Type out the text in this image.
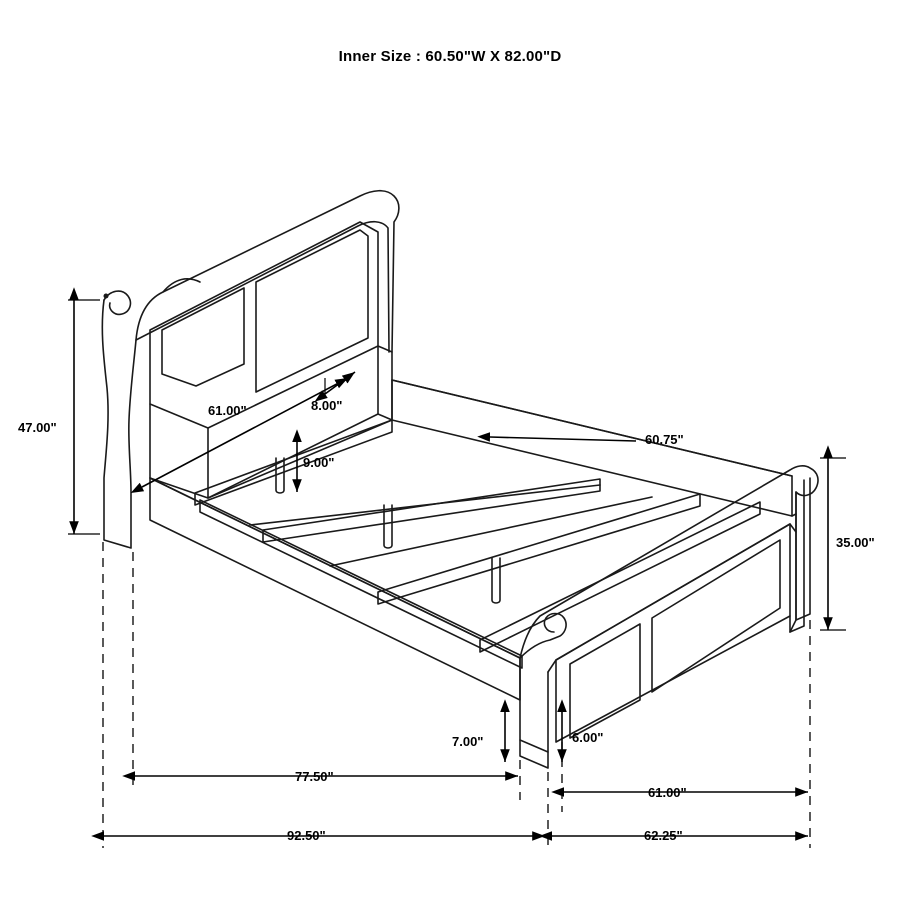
Inner Size : 60.50"W X 82.00"D
47.00"
61.00"	8.00"
9.00"
60.75"
35.00"
7.00"	6.00"
77.50"
61.00"
92.50"	62.25"
